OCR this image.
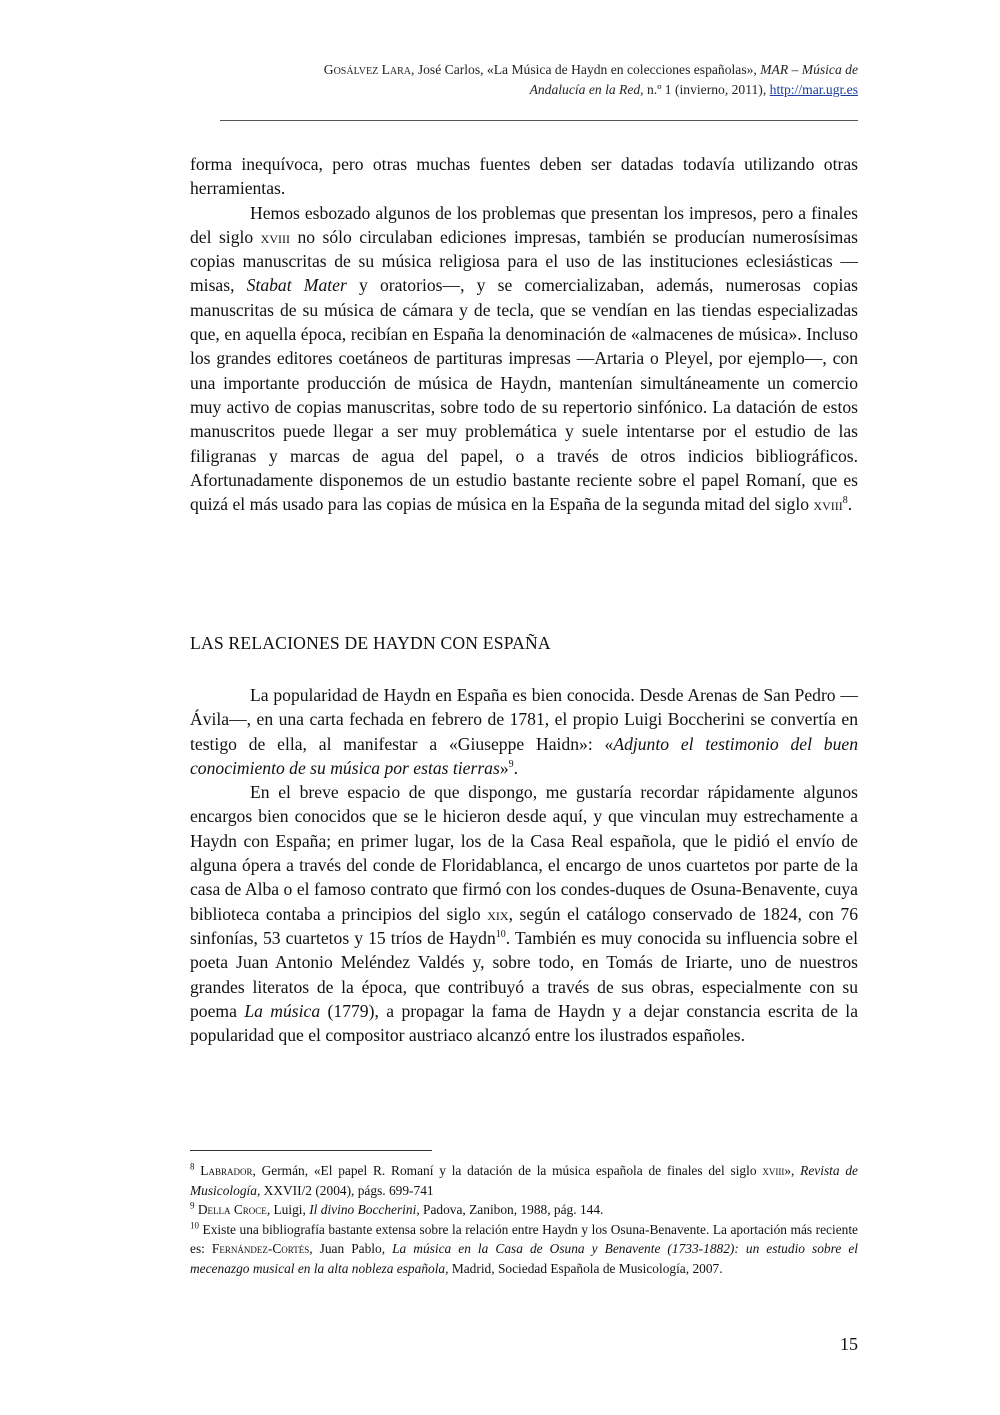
Gosálvez Lara, José Carlos, «La Música de Haydn en colecciones españolas», MAR – Música de
Andalucía en la Red, n.º 1 (invierno, 2011), http://mar.ugr.es

forma inequívoca, pero otras muchas fuentes deben ser datadas todavía utilizando otras herramientas.

Hemos esbozado algunos de los problemas que presentan los impresos, pero a finales del siglo xviii no sólo circulaban ediciones impresas, también se producían numerosísimas copias manuscritas de su música religiosa para el uso de las instituciones eclesiásticas —misas, Stabat Mater y oratorios—, y se comercializaban, además, numerosas copias manuscritas de su música de cámara y de tecla, que se vendían en las tiendas especializadas que, en aquella época, recibían en España la denominación de «almacenes de música». Incluso los grandes editores coetáneos de partituras impresas —Artaria o Pleyel, por ejemplo—, con una importante producción de música de Haydn, mantenían simultáneamente un comercio muy activo de copias manuscritas, sobre todo de su repertorio sinfónico. La datación de estos manuscritos puede llegar a ser muy problemática y suele intentarse por el estudio de las filigranas y marcas de agua del papel, o a través de otros indicios bibliográficos. Afortunadamente disponemos de un estudio bastante reciente sobre el papel Romaní, que es quizá el más usado para las copias de música en la España de la segunda mitad del siglo xviii$^8$.

LAS RELACIONES DE HAYDN CON ESPAÑA

La popularidad de Haydn en España es bien conocida. Desde Arenas de San Pedro —Ávila—, en una carta fechada en febrero de 1781, el propio Luigi Boccherini se convertía en testigo de ella, al manifestar a «Giuseppe Haidn»: «Adjunto el testimonio del buen conocimiento de su música por estas tierras»$^9$.

En el breve espacio de que dispongo, me gustaría recordar rápidamente algunos encargos bien conocidos que se le hicieron desde aquí, y que vinculan muy estrechamente a Haydn con España; en primer lugar, los de la Casa Real española, que le pidió el envío de alguna ópera a través del conde de Floridablanca, el encargo de unos cuartetos por parte de la casa de Alba o el famoso contrato que firmó con los condes-duques de Osuna-Benavente, cuya biblioteca contaba a principios del siglo xix, según el catálogo conservado de 1824, con 76 sinfonías, 53 cuartetos y 15 tríos de Haydn$^{10}$. También es muy conocida su influencia sobre el poeta Juan Antonio Meléndez Valdés y, sobre todo, en Tomás de Iriarte, uno de nuestros grandes literatos de la época, que contribuyó a través de sus obras, especialmente con su poema La música (1779), a propagar la fama de Haydn y a dejar constancia escrita de la popularidad que el compositor austriaco alcanzó entre los ilustrados españoles.

$^8$ Labrador, Germán, «El papel R. Romaní y la datación de la música española de finales del siglo xviii», Revista de Musicología, XXVII/2 (2004), págs. 699-741

$^9$ Della Croce, Luigi, Il divino Boccherini, Padova, Zanibon, 1988, pág. 144.

$^{10}$ Existe una bibliografía bastante extensa sobre la relación entre Haydn y los Osuna-Benavente. La aportación más reciente es: Fernández-Cortés, Juan Pablo, La música en la Casa de Osuna y Benavente (1733-1882): un estudio sobre el mecenazgo musical en la alta nobleza española, Madrid, Sociedad Española de Musicología, 2007.

15
